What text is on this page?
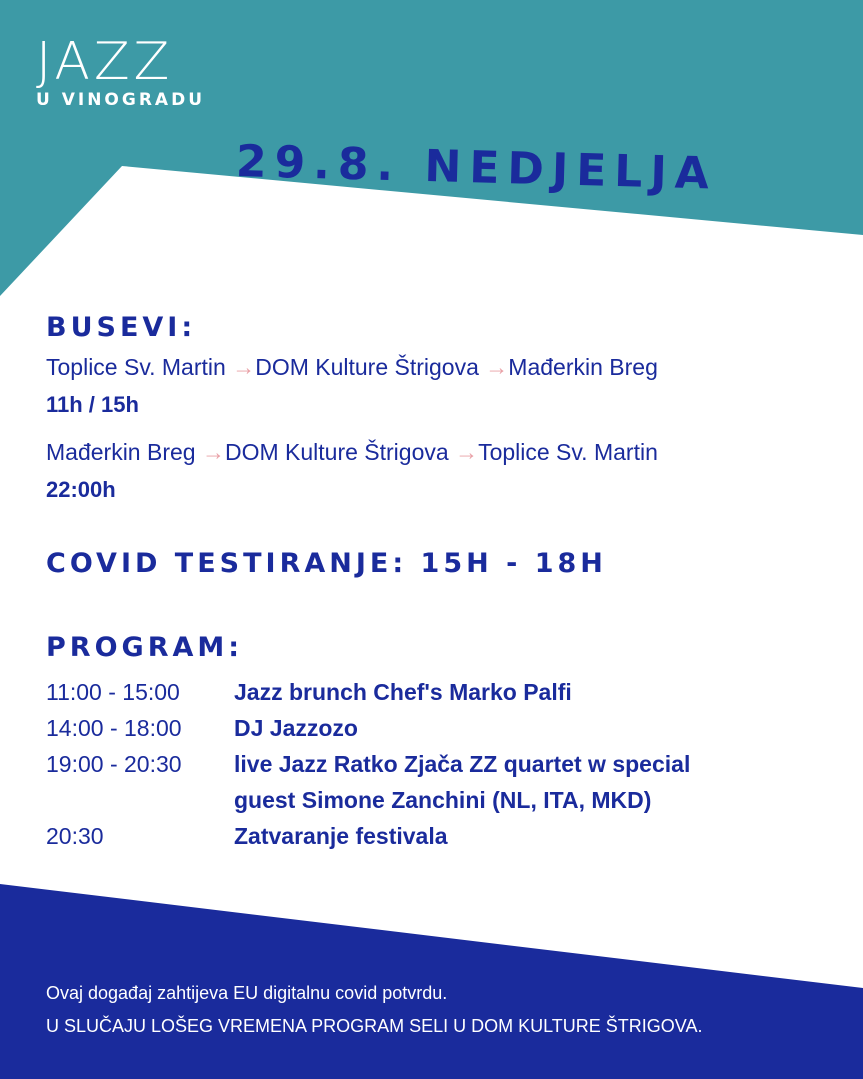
JAZZ
U VINOGRADU
29.8. NEDJELJA
BUSEVI:
Toplice Sv. Martin →DOM Kulture Štrigova →Mađerkin Breg
11h / 15h
Mađerkin Breg →DOM Kulture Štrigova →Toplice Sv. Martin
22:00h
COVID TESTIRANJE: 15H - 18H
PROGRAM:
11:00 - 15:00 Jazz brunch Chef's Marko Palfi
14:00 - 18:00 DJ Jazzozo
19:00 - 20:30 live Jazz Ratko Zjača ZZ quartet w special
guest Simone Zanchini (NL, ITA, MKD)
20:30	Zatvaranje festivala
Ovaj događaj zahtijeva EU digitalnu covid potvrdu.
U SLUČAJU LOŠEG VREMENA PROGRAM SELI U DOM KULTURE ŠTRIGOVA.
